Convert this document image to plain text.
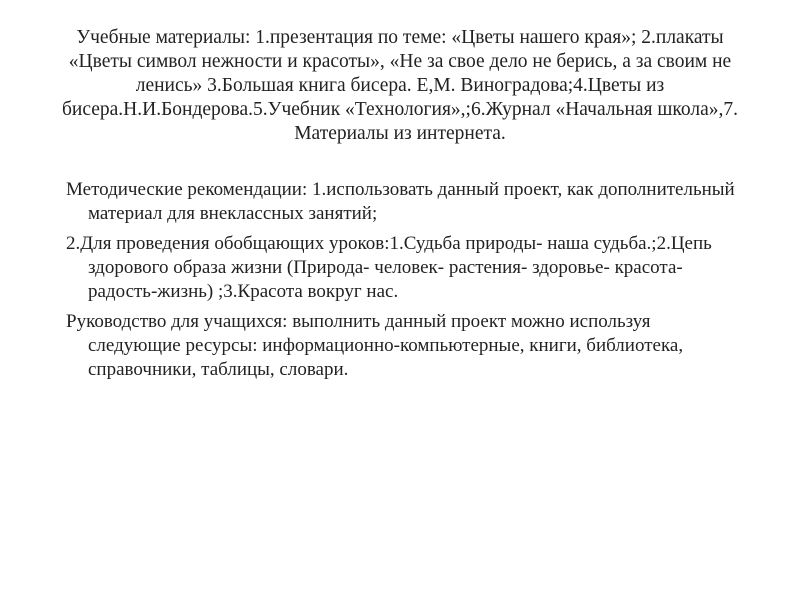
Учебные материалы: 1.презентация по теме: «Цветы нашего края»; 2.плакаты «Цветы символ нежности и красоты», «Не за свое дело не берись, а за своим не ленись» 3.Большая книга бисера. Е,М. Виноградова;4.Цветы из бисера.Н.И.Бондерова.5.Учебник «Технология»,;6.Журнал «Начальная школа»,7. Материалы из интернета.

Методические рекомендации: 1.использовать данный проект, как дополнительный материал для внеклассных занятий;

2.Для проведения обобщающих уроков:1.Судьба природы- наша судьба.;2.Цепь здорового образа жизни (Природа- человек- растения- здоровье- красота- радость-жизнь) ;3.Красота вокруг нас.

Руководство для учащихся: выполнить данный проект можно используя следующие ресурсы: информационно-компьютерные, книги, библиотека, справочники, таблицы, словари.
